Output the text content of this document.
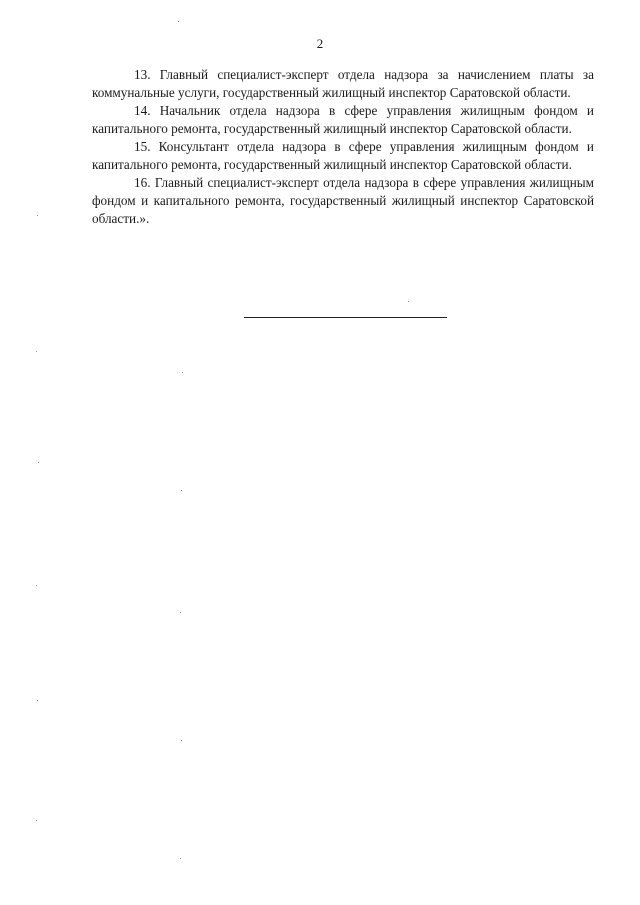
2

13. Главный специалист-эксперт отдела надзора за начислением платы за коммунальные услуги, государственный жилищный инспектор Саратовской области.

14. Начальник отдела надзора в сфере управления жилищным фондом и капитального ремонта, государственный жилищный инспектор Саратовской области.

15. Консультант отдела надзора в сфере управления жилищным фондом и капитального ремонта, государственный жилищный инспектор Саратовской области.

16. Главный специалист-эксперт отдела надзора в сфере управления жилищным фондом и капитального ремонта, государственный жилищный инспектор Саратовской области.».
